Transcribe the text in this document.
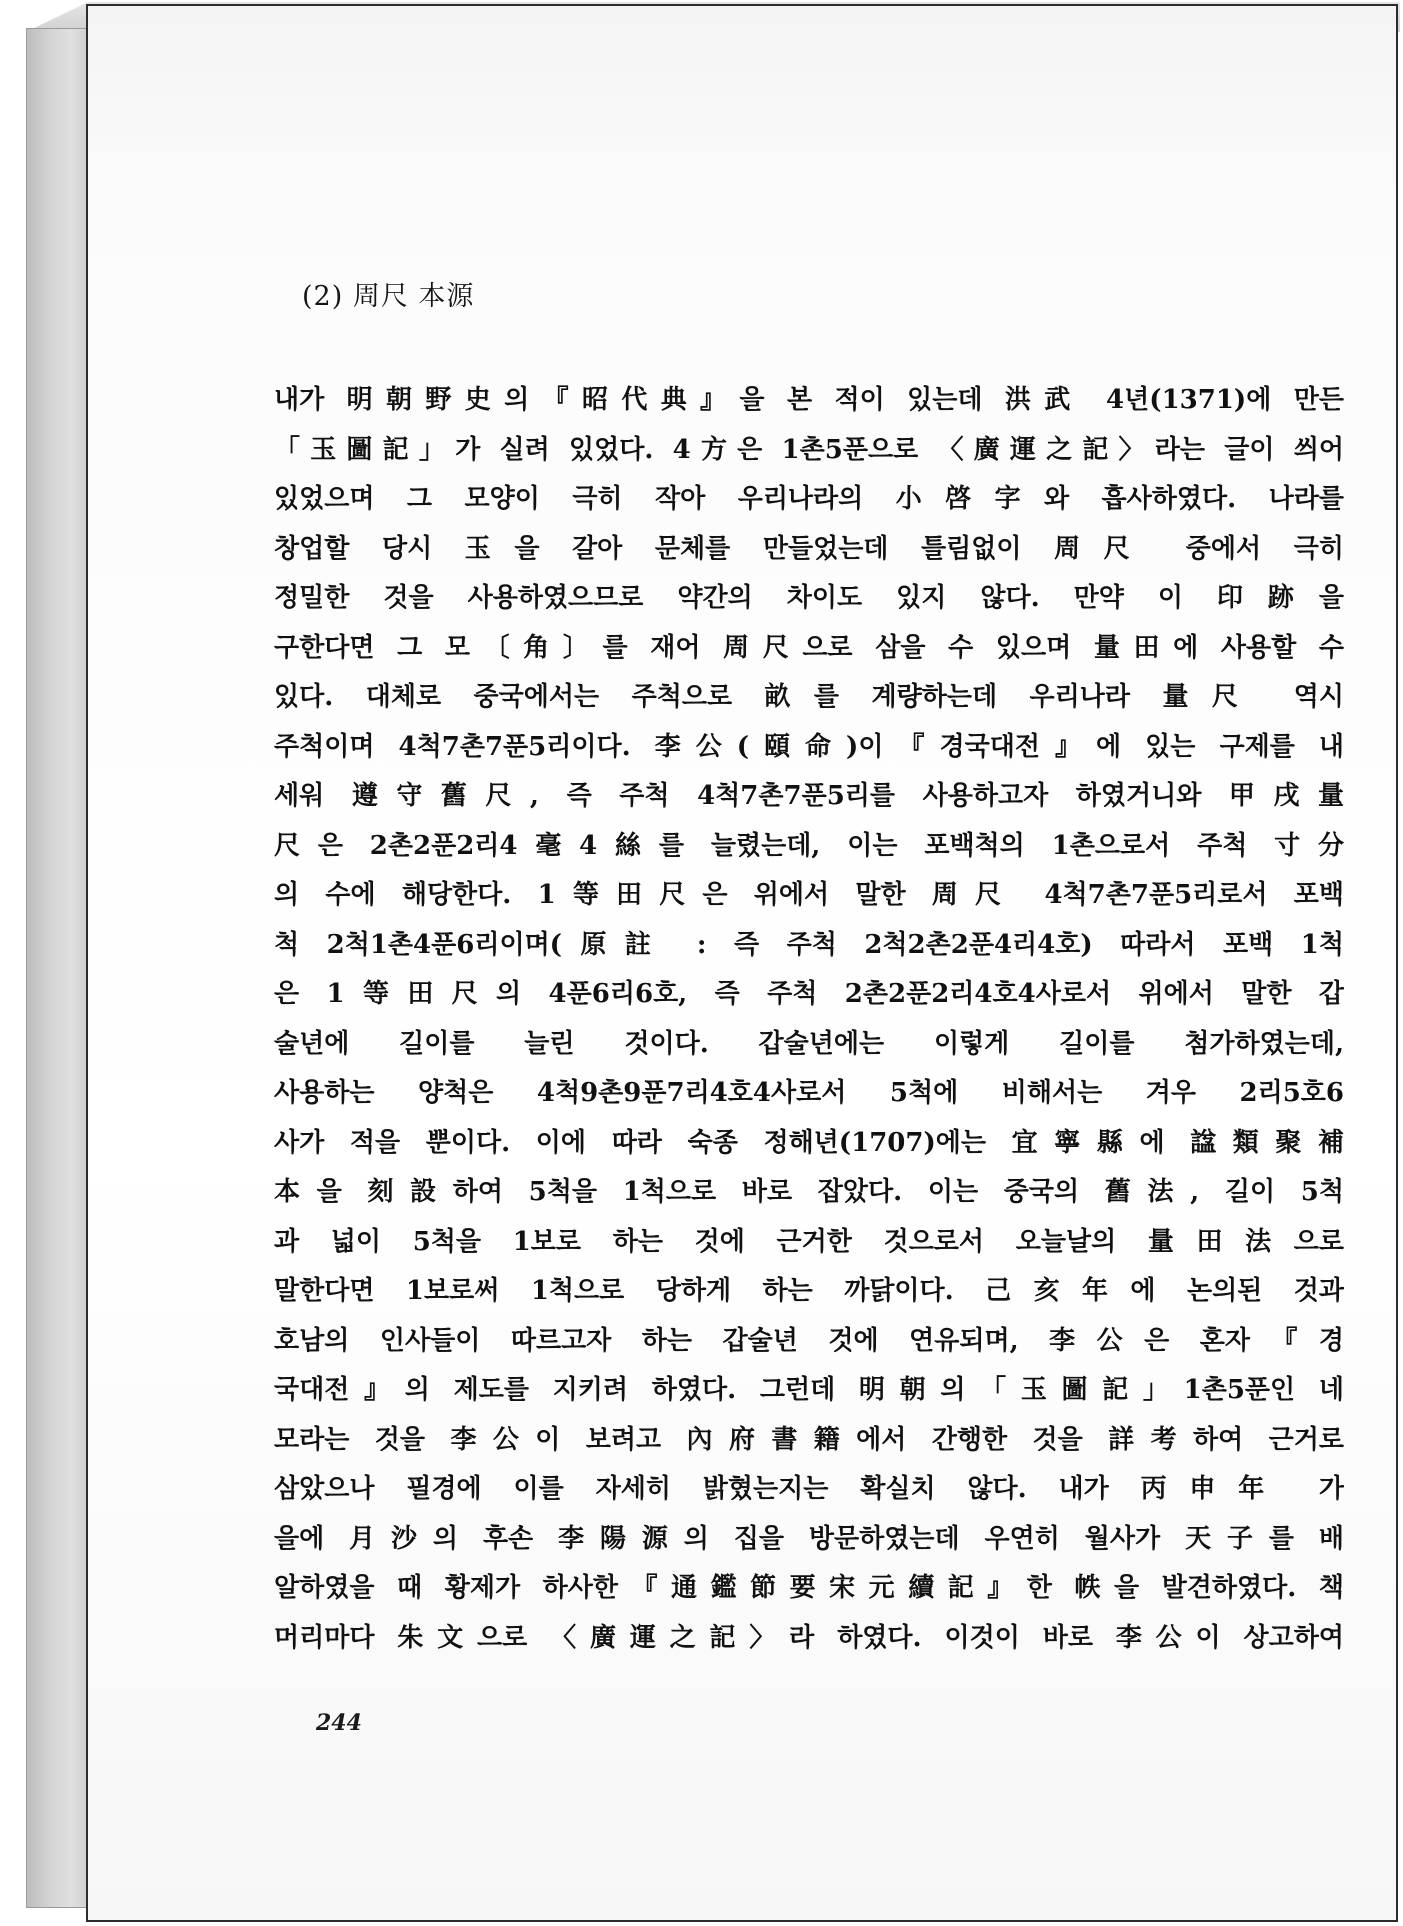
(2) 周尺 本源
내가 明朝野史의『昭代典』을 본 적이 있는데 洪武 4년(1371)에 만든
「玉圖記」가 실려 있었다. 4方은 1촌5푼으로 〈廣運之記〉라는 글이 씌어
있었으며 그 모양이 극히 작아 우리나라의 小啓字와 흡사하였다. 나라를
창업할 당시 玉을 갈아 문체를 만들었는데 틀림없이 周尺 중에서 극히
정밀한 것을 사용하였으므로 약간의 차이도 있지 않다. 만약 이 印跡을
구한다면 그 모〔角〕를 재어 周尺으로 삼을 수 있으며 量田에 사용할 수
있다. 대체로 중국에서는 주척으로 畝를 계량하는데 우리나라 量尺 역시
주척이며 4척7촌7푼5리이다. 李公(頤命)이『경국대전』에 있는 구제를 내
세워 遵守舊尺, 즉 주척 4척7촌7푼5리를 사용하고자 하였거니와 甲戌量
尺은 2촌2푼2리4毫4絲를 늘렸는데, 이는 포백척의 1촌으로서 주척 寸分
의 수에 해당한다. 1等田尺은 위에서 말한 周尺 4척7촌7푼5리로서 포백
척 2척1촌4푼6리이며(原註 : 즉 주척 2척2촌2푼4리4호) 따라서 포백 1척
은 1等田尺의 4푼6리6호, 즉 주척 2촌2푼2리4호4사로서 위에서 말한 갑
술년에 길이를 늘린 것이다. 갑술년에는 이렇게 길이를 첨가하였는데,
사용하는 양척은 4척9촌9푼7리4호4사로서 5척에 비해서는 겨우 2리5호6
사가 적을 뿐이다. 이에 따라 숙종 정해년(1707)에는 宜寧縣에 諡類聚補
本을 刻設하여 5척을 1척으로 바로 잡았다. 이는 중국의 舊法, 길이 5척
과 넓이 5척을 1보로 하는 것에 근거한 것으로서 오늘날의 量田法으로
말한다면 1보로써 1척으로 당하게 하는 까닭이다. 己亥年에 논의된 것과
호남의 인사들이 따르고자 하는 갑술년 것에 연유되며, 李公은 혼자『경
국대전』의 제도를 지키려 하였다. 그런데 明朝의「玉圖記」1촌5푼인 네
모라는 것을 李公이 보려고 內府書籍에서 간행한 것을 詳考하여 근거로
삼았으나 필경에 이를 자세히 밝혔는지는 확실치 않다. 내가 丙申年 가
을에 月沙의 후손 李陽源의 집을 방문하였는데 우연히 월사가 天子를 배
알하였을 때 황제가 하사한『通鑑節要宋元續記』한 帙을 발견하였다. 책
머리마다 朱文으로 〈廣運之記〉라 하였다. 이것이 바로 李公이 상고하여
244
